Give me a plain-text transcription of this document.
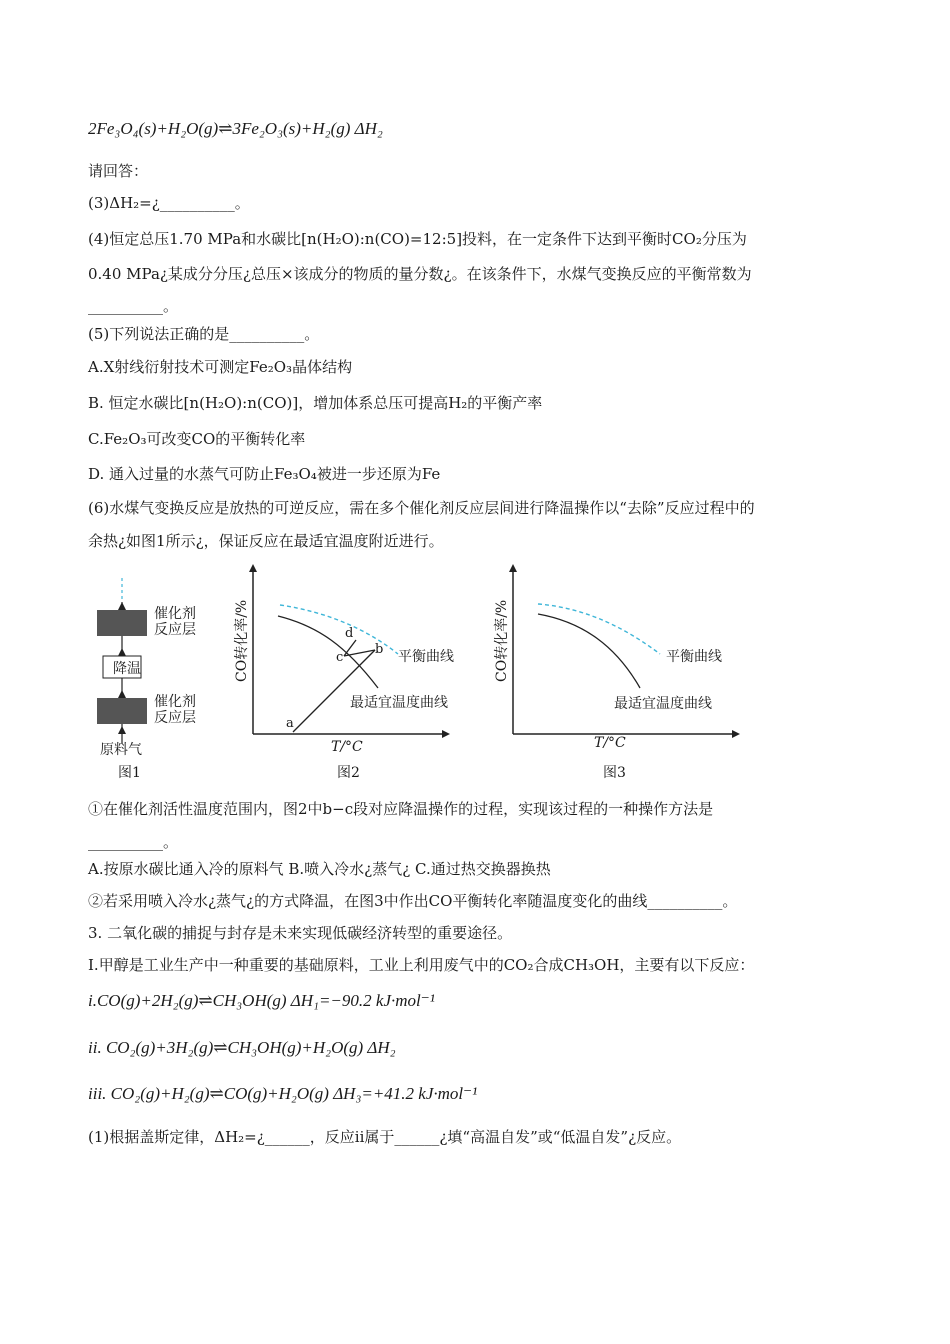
2Fe₃O₄(s)+H₂O(g)⇌3Fe₂O₃(s)+H₂(g) ΔH₂
请回答：
(3)ΔH₂=¿__________。
(4)恒定总压1.70 MPa和水碳比[n(H₂O):n(CO)=12:5]投料，在一定条件下达到平衡时CO₂分压为
0.40 MPa¿某成分分压¿总压×该成分的物质的量分数¿。在该条件下，水煤气变换反应的平衡常数为
__________。
(5)下列说法正确的是__________。
A.X射线衍射技术可测定Fe₂O₃晶体结构
B. 恒定水碳比[n(H₂O):n(CO)]，增加体系总压可提高H₂的平衡产率
C.Fe₂O₃可改变CO的平衡转化率
D. 通入过量的水蒸气可防止Fe₃O₄被进一步还原为Fe
(6)水煤气变换反应是放热的可逆反应，需在多个催化剂反应层间进行降温操作以“去除”反应过程中的
余热¿如图1所示¿，保证反应在最适宜温度附近进行。
催化剂
反应层
降温
催化剂
反应层
原料气
图1
CO转化率/%
T/°C
平衡曲线
最适宜温度曲线
a
b
c
d
图2
CO转化率/%
T/°C
平衡曲线
最适宜温度曲线
图3
①在催化剂活性温度范围内，图2中b−c段对应降温操作的过程，实现该过程的一种操作方法是
__________。
A.按原水碳比通入冷的原料气 B.喷入冷水¿蒸气¿ C.通过热交换器换热
②若采用喷入冷水¿蒸气¿的方式降温，在图3中作出CO平衡转化率随温度变化的曲线__________。
3. 二氧化碳的捕捉与封存是未来实现低碳经济转型的重要途径。
I.甲醇是工业生产中一种重要的基础原料，工业上利用废气中的CO₂合成CH₃OH，主要有以下反应：
i.CO(g)+2H₂(g)⇌CH₃OH(g) ΔH₁=−90.2 kJ·mol⁻¹
ii. CO₂(g)+3H₂(g)⇌CH₃OH(g)+H₂O(g) ΔH₂
iii. CO₂(g)+H₂(g)⇌CO(g)+H₂O(g) ΔH₃=+41.2 kJ·mol⁻¹
(1)根据盖斯定律，ΔH₂=¿______，反应ii属于______¿填“高温自发”或“低温自发”¿反应。
